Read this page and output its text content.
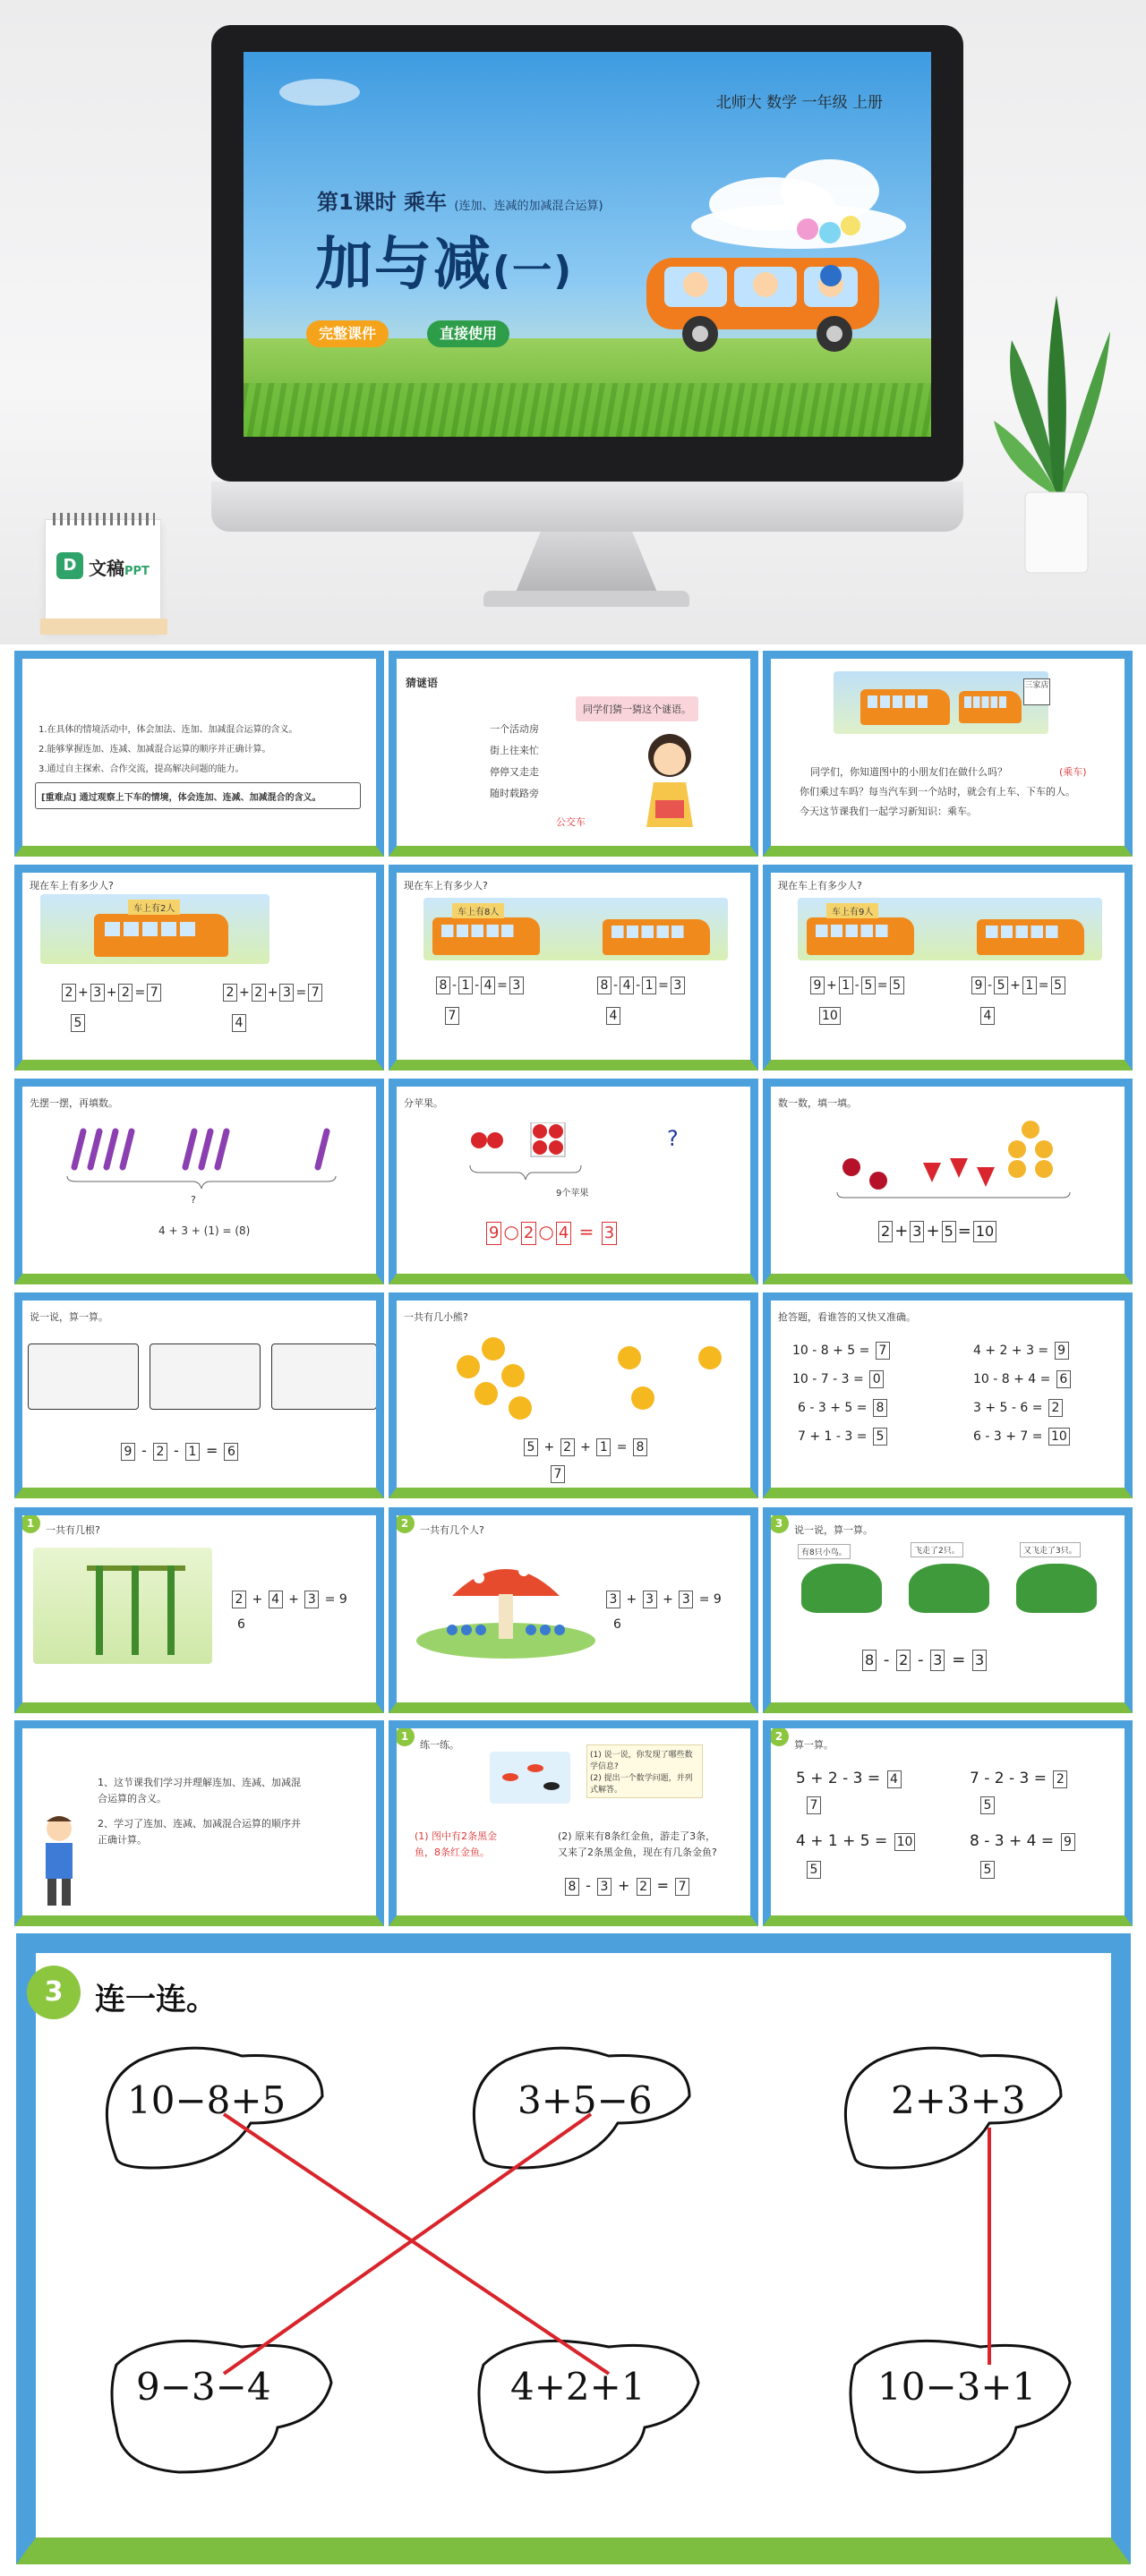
北师大 数学 一年级 上册
第1课时 乘车 (连加、连减的加减混合运算)
加与减(一)
完整课件	直接使用
D 文稿PPT
1.在具体的情境活动中，体会加法、连加、加减混合运算的含义。
2.能够掌握连加、连减、加减混合运算的顺序并正确计算。
3.通过自主探索、合作交流，提高解决问题的能力。
[重难点] 通过观察上下车的情境，体会连加、连减、加减混合的含义。
猜谜语
同学们猜一猜这个谜语。
一个活动房
街上往来忙
停停又走走
随时载路旁
公交车
三家店
同学们，你知道图中的小朋友们在做什么吗？	(乘车)
你们乘过车吗？每当汽车到一个站时，就会有上车、下车的人。
今天这节课我们一起学习新知识：乘车。
现在车上有多少人?
车上有2人
2 + 3 + 2 = 7
5
2 + 2 + 3 = 7
4
现在车上有多少人?
车上有8人
8 - 1 - 4 = 3
7
8 - 4 - 1 = 3
4
现在车上有多少人?
车上有9人
9 + 1 - 5 = 5
10
9 - 5 + 1 = 5
4
先摆一摆，再填数。
?
4 + 3 + (1) = (8)
分苹果。
?
9个苹果
9 ○ 2 ○ 4 = 3
数一数，填一填。
2 + 3 + 5 = 10
说一说，算一算。
9 - 2 - 1 = 6
一共有几小熊?
5 + 2 + 1 = 8
7
抢答题，看谁答的又快又准确。
10 - 8 + 5 = 7	4 + 2 + 3 = 9
10 - 7 - 3 = 0	10 - 8 + 4 = 6
6 - 3 + 5 = 8	3 + 5 - 6 = 2
7 + 1 - 3 = 5	6 - 3 + 7 = 10
1
一共有几根?
2 + 4 + 3 = 9
6
2
一共有几个人?
3 + 3 + 3 = 9
6
3
说一说，算一算。
有8只小鸟。	飞走了2只。	又飞走了3只。
8 - 2 - 3 = 3
1、这节课我们学习并理解连加、连减、加减混
合运算的含义。
2、学习了连加、连减、加减混合运算的顺序并
正确计算。
1
练一练。
(1) 说一说，你发现了哪些数学信息?
(2) 提出一个数学问题，并列式解答。
(1) 图中有2条黑金
鱼，8条红金鱼。
(2) 原来有8条红金鱼，游走了3条，
又来了2条黑金鱼，现在有几条金鱼?
8 - 3 + 2 = 7
2
算一算。
5 + 2 - 3 = 4
7
7 - 2 - 3 = 2
5
4 + 1 + 5 = 10
5
8 - 3 + 4 = 9
5
3	连一连。
10−8+5	3+5−6	2+3+3
9−3−4	4+2+1	10−3+1
